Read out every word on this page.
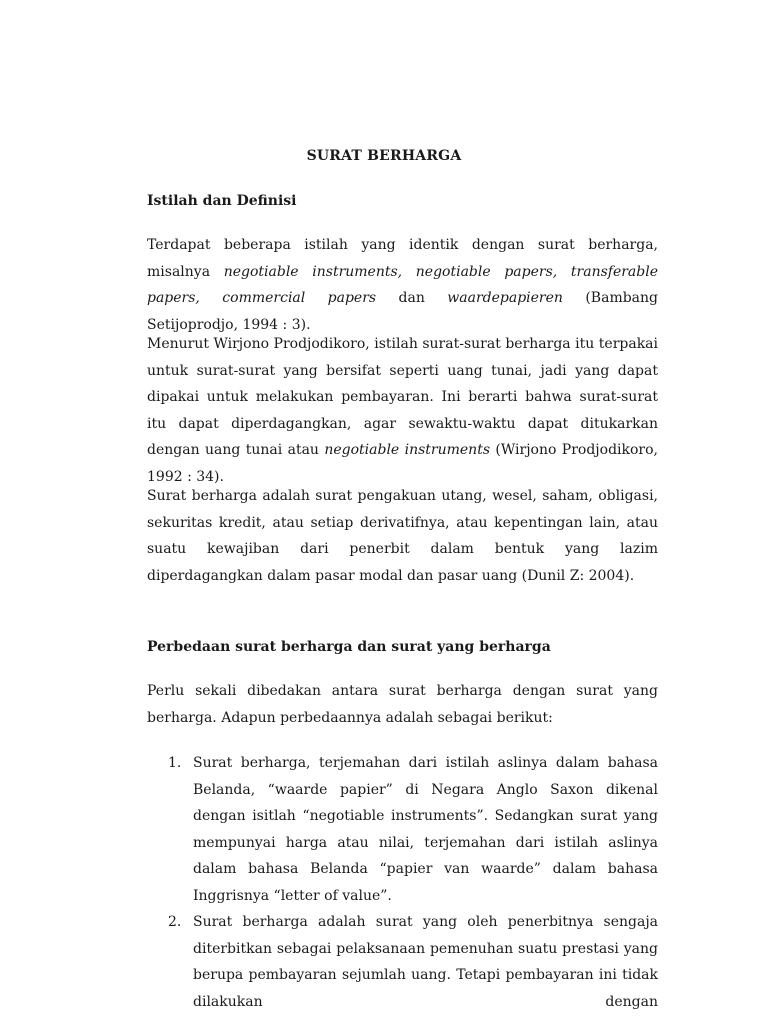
SURAT BERHARGA
Istilah dan Definisi

Terdapat beberapa istilah yang identik dengan surat berharga, misalnya negotiable instruments, negotiable papers, transferable papers, commercial papers dan waardepapieren (Bambang Setijoprodjo, 1994 : 3).

Menurut Wirjono Prodjodikoro, istilah surat-surat berharga itu terpakai untuk surat-surat yang bersifat seperti uang tunai, jadi yang dapat dipakai untuk melakukan pembayaran. Ini berarti bahwa surat-surat itu dapat diperdagangkan, agar sewaktu-waktu dapat ditukarkan dengan uang tunai atau negotiable instruments (Wirjono Prodjodikoro, 1992 : 34).

Surat berharga adalah surat pengakuan utang, wesel, saham, obligasi, sekuritas kredit, atau setiap derivatifnya, atau kepentingan lain, atau suatu kewajiban dari penerbit dalam bentuk yang lazim diperdagangkan dalam pasar modal dan pasar uang (Dunil Z: 2004).

Perbedaan surat berharga dan surat yang berharga

Perlu sekali dibedakan antara surat berharga dengan surat yang berharga. Adapun perbedaannya adalah sebagai berikut:

1. Surat berharga, terjemahan dari istilah aslinya dalam bahasa Belanda, “waarde papier” di Negara Anglo Saxon dikenal dengan isitlah “negotiable instruments”. Sedangkan surat yang mempunyai harga atau nilai, terjemahan dari istilah aslinya dalam bahasa Belanda “papier van waarde” dalam bahasa Inggrisnya “letter of value”.
2. Surat berharga adalah surat yang oleh penerbitnya sengaja diterbitkan sebagai pelaksanaan pemenuhan suatu prestasi yang berupa pembayaran sejumlah uang. Tetapi pembayaran ini tidak dilakukan dengan
